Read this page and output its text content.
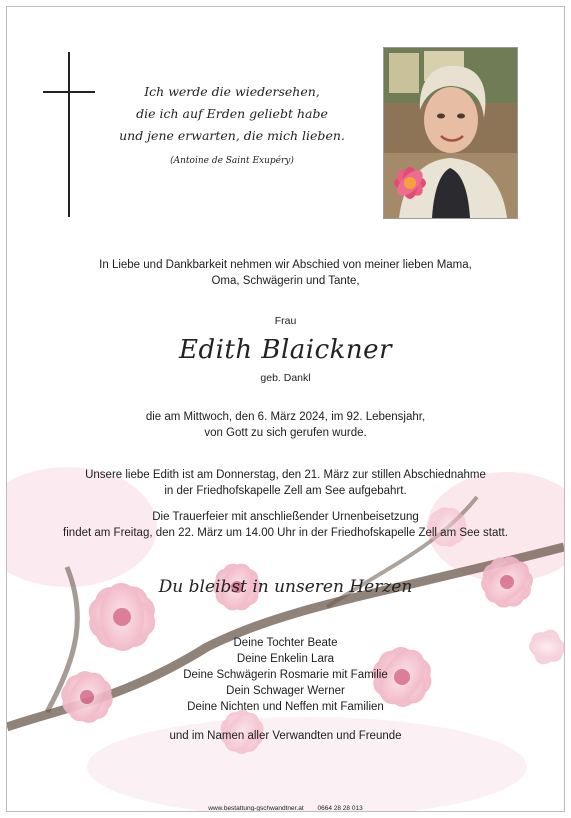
Ich werde die wiedersehen,
die ich auf Erden geliebt habe
und jene erwarten, die mich lieben.
(Antoine de Saint Exupéry)
In Liebe und Dankbarkeit nehmen wir Abschied von meiner lieben Mama,
Oma, Schwägerin und Tante,
Frau
Edith Blaickner
geb. Dankl
die am Mittwoch, den 6. März 2024, im 92. Lebensjahr,
von Gott zu sich gerufen wurde.
Unsere liebe Edith ist am Donnerstag, den 21. März zur stillen Abschiednahme
in der Friedhofskapelle Zell am See aufgebahrt.
Die Trauerfeier mit anschließender Urnenbeisetzung
findet am Freitag, den 22. März um 14.00 Uhr in der Friedhofskapelle Zell am See statt.
Du bleibst in unseren Herzen
Deine Tochter Beate
Deine Enkelin Lara
Deine Schwägerin Rosmarie mit Familie
Dein Schwager Werner
Deine Nichten und Neffen mit Familien
und im Namen aller Verwandten und Freunde
www.bestattung-gschwandtner.at 0664 28 28 013
